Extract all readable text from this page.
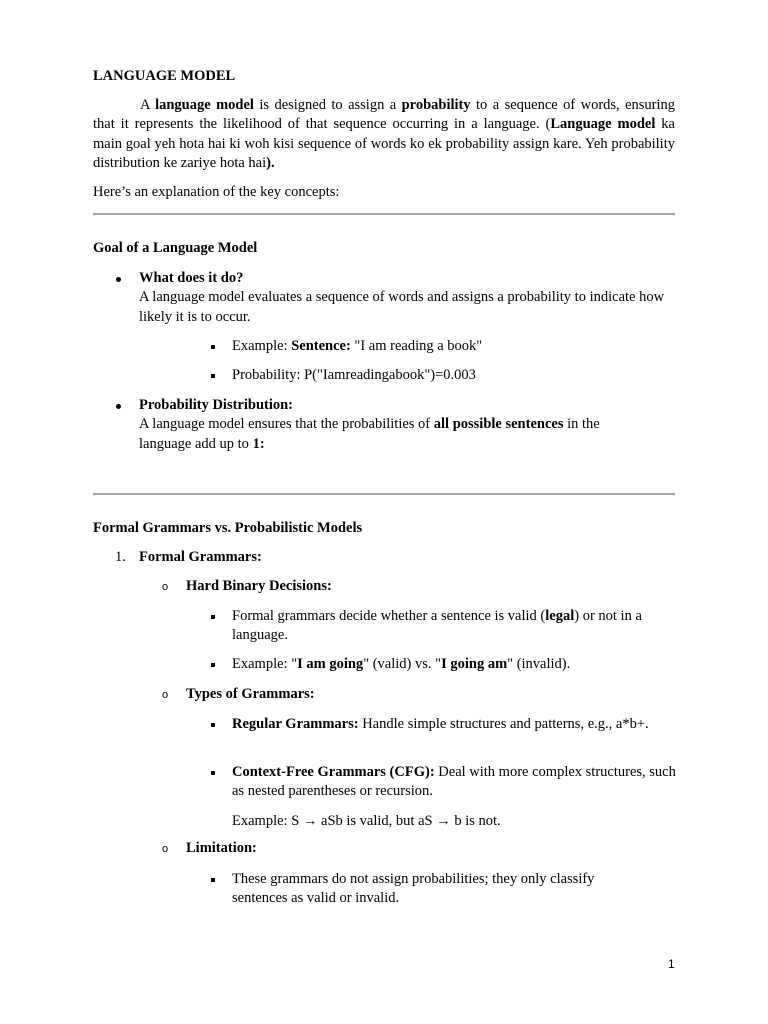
LANGUAGE MODEL
A language model is designed to assign a probability to a sequence of words, ensuring that it represents the likelihood of that sequence occurring in a language. (Language model ka main goal yeh hota hai ki woh kisi sequence of words ko ek probability assign kare. Yeh probability distribution ke zariye hota hai).
Here’s an explanation of the key concepts:
Goal of a Language Model
What does it do?
A language model evaluates a sequence of words and assigns a probability to indicate how likely it is to occur.
Example: Sentence: "I am reading a book"
Probability: P("Iamreadingabook")=0.003
Probability Distribution:
A language model ensures that the probabilities of all possible sentences in the language add up to 1:
Formal Grammars vs. Probabilistic Models
1. Formal Grammars:
o Hard Binary Decisions:
Formal grammars decide whether a sentence is valid (legal) or not in a language.
Example: "I am going" (valid) vs. "I going am" (invalid).
o Types of Grammars:
Regular Grammars: Handle simple structures and patterns, e.g., a*b+.
Context-Free Grammars (CFG): Deal with more complex structures, such as nested parentheses or recursion.
Example: S → aSb is valid, but aS → b is not.
o Limitation:
These grammars do not assign probabilities; they only classify sentences as valid or invalid.
1
